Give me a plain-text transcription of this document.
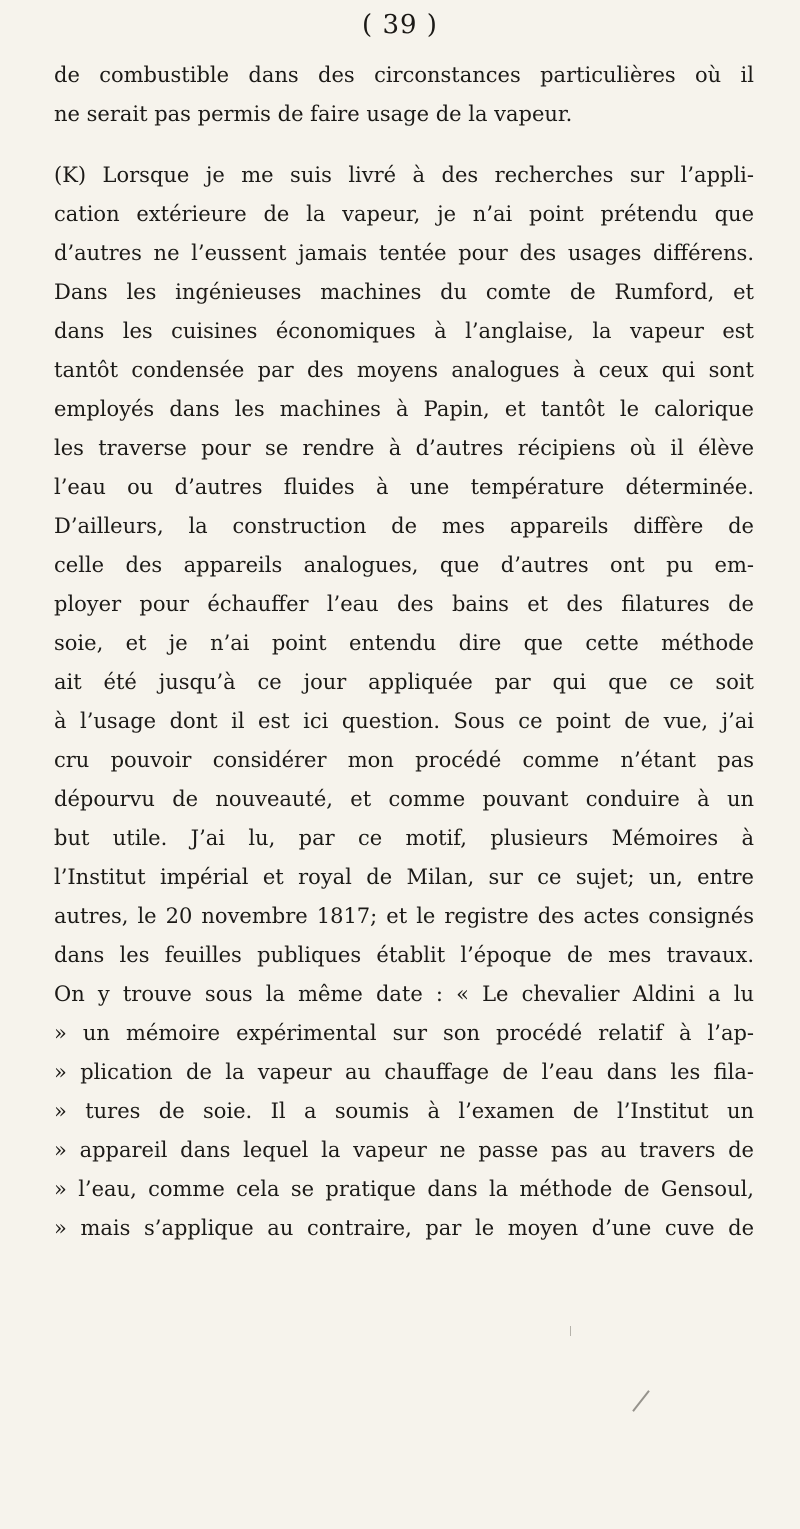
( 39 )
de combustible dans des circonstances particulières où il
ne serait pas permis de faire usage de la vapeur.
(K) Lorsque je me suis livré à des recherches sur l’appli-
cation extérieure de la vapeur, je n’ai point prétendu que
d’autres ne l’eussent jamais tentée pour des usages différens.
Dans les ingénieuses machines du comte de Rumford, et
dans les cuisines économiques à l’anglaise, la vapeur est
tantôt condensée par des moyens analogues à ceux qui sont
employés dans les machines à Papin, et tantôt le calorique
les traverse pour se rendre à d’autres récipiens où il élève
l’eau ou d’autres fluides à une température déterminée.
D’ailleurs, la construction de mes appareils diffère de
celle des appareils analogues, que d’autres ont pu em-
ployer pour échauffer l’eau des bains et des filatures de
soie, et je n’ai point entendu dire que cette méthode
ait été jusqu’à ce jour appliquée par qui que ce soit
à l’usage dont il est ici question. Sous ce point de vue, j’ai
cru pouvoir considérer mon procédé comme n’étant pas
dépourvu de nouveauté, et comme pouvant conduire à un
but utile. J’ai lu, par ce motif, plusieurs Mémoires à
l’Institut impérial et royal de Milan, sur ce sujet; un, entre
autres, le 20 novembre 1817; et le registre des actes consignés
dans les feuilles publiques établit l’époque de mes travaux.
On y trouve sous la même date : « Le chevalier Aldini a lu
» un mémoire expérimental sur son procédé relatif à l’ap-
» plication de la vapeur au chauffage de l’eau dans les fila-
» tures de soie. Il a soumis à l’examen de l’Institut un
» appareil dans lequel la vapeur ne passe pas au travers de
» l’eau, comme cela se pratique dans la méthode de Gensoul,
» mais s’applique au contraire, par le moyen d’une cuve de
